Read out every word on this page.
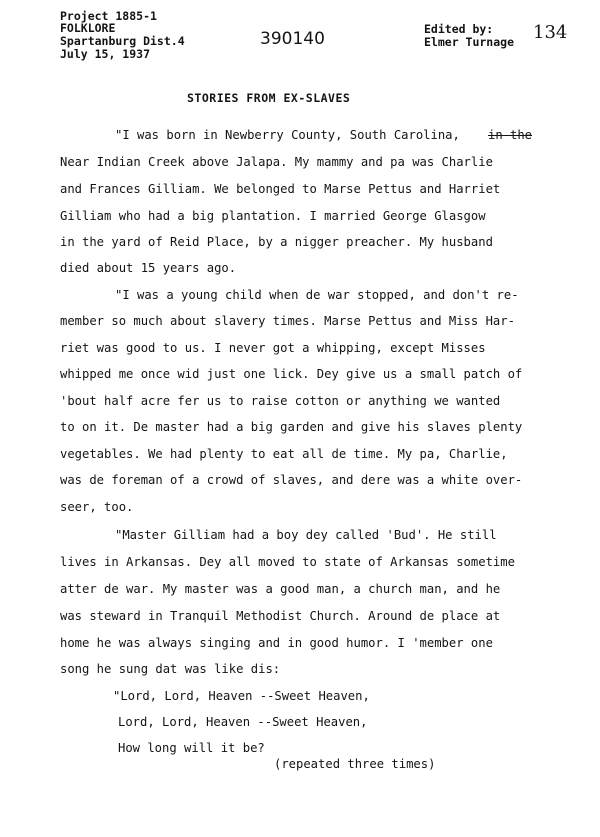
Project 1885-1
FOLKLORE
Spartanburg Dist.4
July 15, 1937
390140	Edited by:
Elmer Turnage 134
STORIES FROM EX-SLAVES
"I was born in Newberry County, South Carolina, in the
Near Indian Creek above Jalapa. My mammy and pa was Charlie
and Frances Gilliam. We belonged to Marse Pettus and Harriet
Gilliam who had a big plantation. I married George Glasgow
in the yard of Reid Place, by a nigger preacher. My husband
died about 15 years ago.
"I was a young child when de war stopped, and don't re-
member so much about slavery times. Marse Pettus and Miss Har-
riet was good to us. I never got a whipping, except Misses
whipped me once wid just one lick. Dey give us a small patch of
'bout half acre fer us to raise cotton or anything we wanted
to on it. De master had a big garden and give his slaves plenty
vegetables. We had plenty to eat all de time. My pa, Charlie,
was de foreman of a crowd of slaves, and dere was a white over-
seer, too.
"Master Gilliam had a boy dey called 'Bud'. He still
lives in Arkansas. Dey all moved to state of Arkansas sometime
atter de war. My master was a good man, a church man, and he
was steward in Tranquil Methodist Church. Around de place at
home he was always singing and in good humor. I 'member one
song he sung dat was like dis:
"Lord, Lord, Heaven --Sweet Heaven,
Lord, Lord, Heaven --Sweet Heaven,
How long will it be?
(repeated three times)
